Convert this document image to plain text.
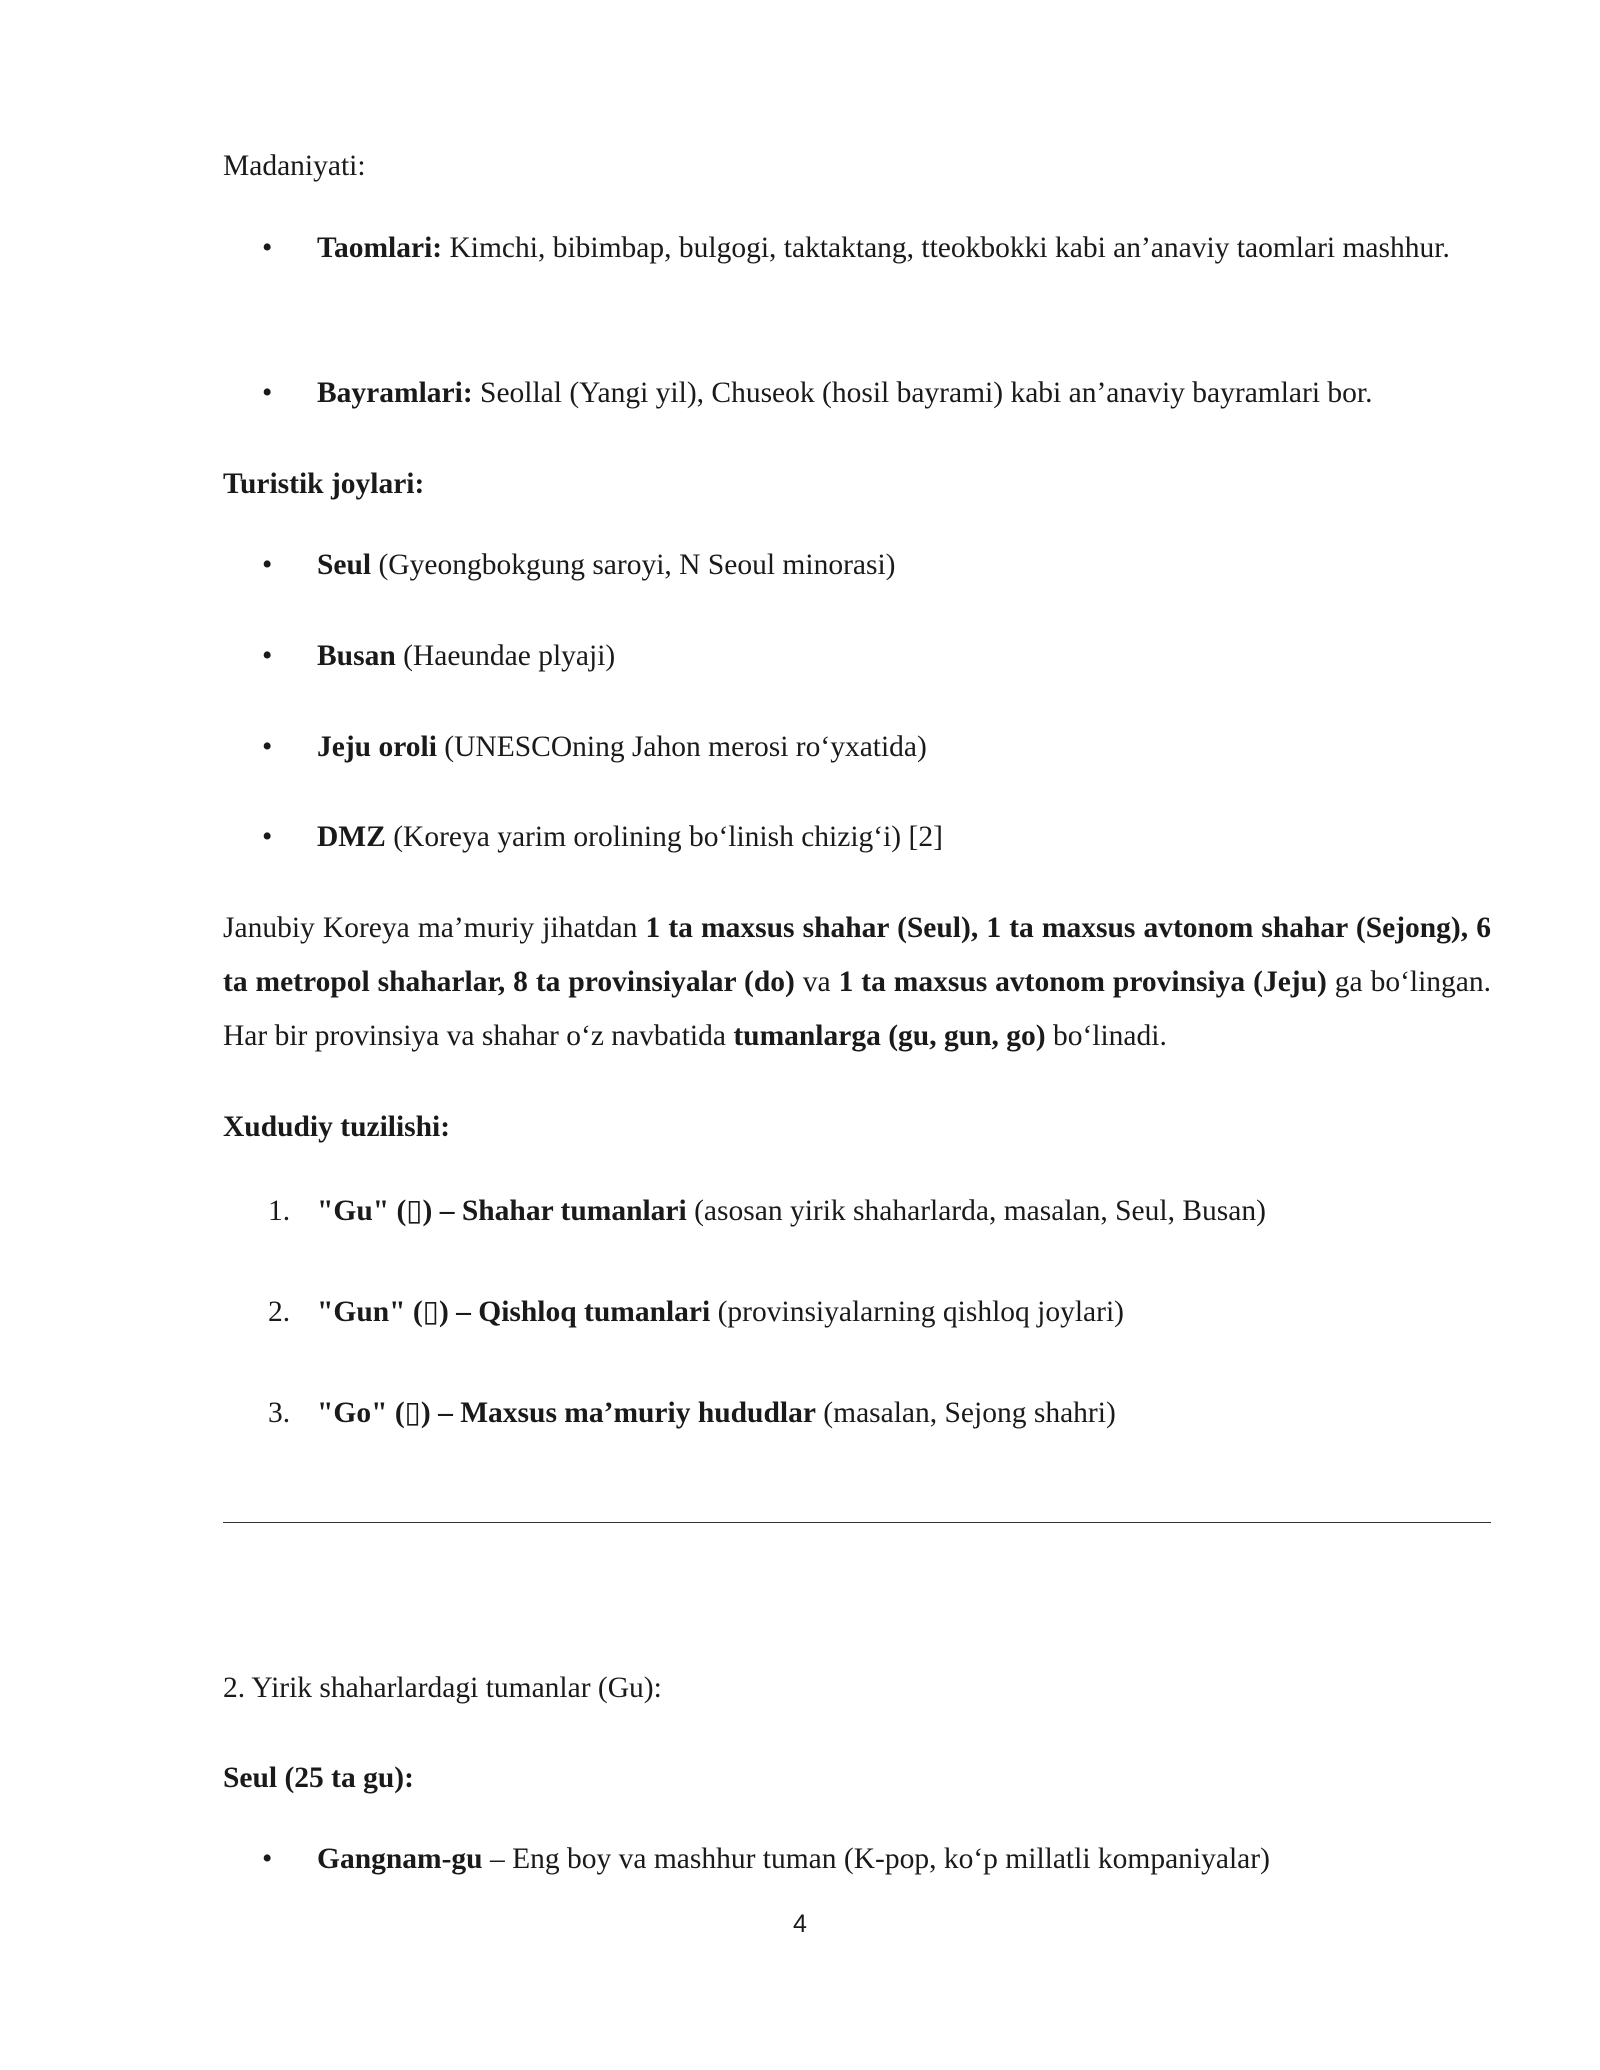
Madaniyati:
• Taomlari: Kimchi, bibimbap, bulgogi, taktaktang, tteokbokki kabi an’anaviy taomlari mashhur.
• Bayramlari: Seollal (Yangi yil), Chuseok (hosil bayrami) kabi an’anaviy bayramlari bor.
Turistik joylari:
• Seul (Gyeongbokgung saroyi, N Seoul minorasi)
• Busan (Haeundae plyaji)
• Jeju oroli (UNESCOning Jahon merosi ro‘yxatida)
• DMZ (Koreya yarim orolining bo‘linish chizig‘i) [2]
Janubiy Koreya ma’muriy jihatdan 1 ta maxsus shahar (Seul), 1 ta maxsus avtonom shahar (Sejong), 6 ta metropol shaharlar, 8 ta provinsiyalar (do) va 1 ta maxsus avtonom provinsiya (Jeju) ga bo‘lingan. Har bir provinsiya va shahar o‘z navbatida tumanlarga (gu, gun, go) bo‘linadi.
Xududiy tuzilishi:
1. "Gu" (▯) – Shahar tumanlari (asosan yirik shaharlarda, masalan, Seul, Busan)
2. "Gun" (▯) – Qishloq tumanlari (provinsiyalarning qishloq joylari)
3. "Go" (▯) – Maxsus ma’muriy hududlar (masalan, Sejong shahri)
2. Yirik shaharlardagi tumanlar (Gu):
Seul (25 ta gu):
• Gangnam-gu – Eng boy va mashhur tuman (K-pop, ko‘p millatli kompaniyalar)
4
